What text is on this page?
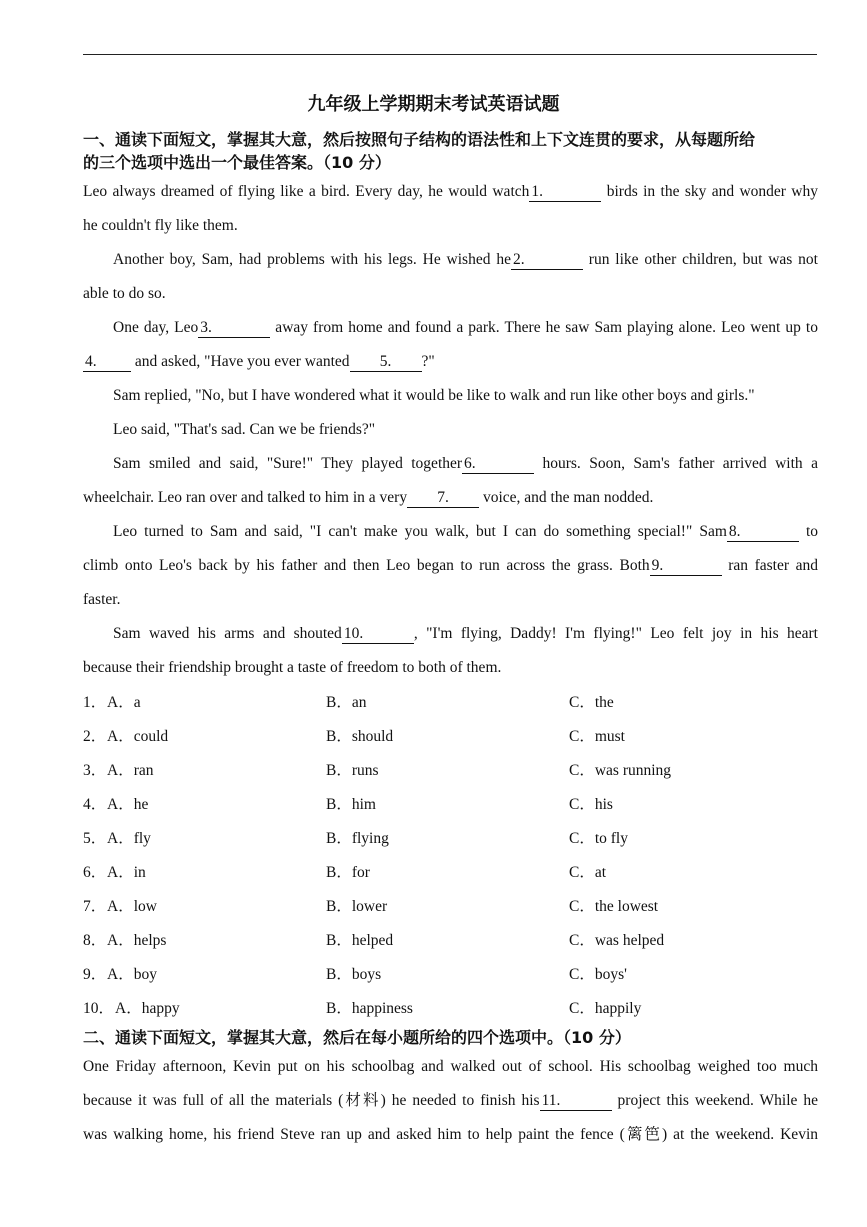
九年级上学期期末考试英语试题
一、通读下面短文，掌握其大意，然后按照句子结构的语法性和上下文连贯的要求，从每题所给
的三个选项中选出一个最佳答案。（10 分）
Leo always dreamed of flying like a bird. Every day, he would watch 1.	birds in the sky and wonder why
he couldn't fly like them.
Another boy, Sam, had problems with his legs. He wished he 2.	run like other children, but was not
able to do so.
One day, Leo 3.	away from home and found a park. There he saw Sam playing alone. Leo went up to
4. and asked, "Have you ever wanted 5. ?"
Sam replied, "No, but I have wondered what it would be like to walk and run like other boys and girls."
Leo said, "That's sad. Can we be friends?"
Sam smiled and said, "Sure!" They played together 6.	hours. Soon, Sam's father arrived with a
wheelchair. Leo ran over and talked to him in a very 7. voice, and the man nodded.
Leo turned to Sam and said, "I can't make you walk, but I can do something special!" Sam 8.	to
climb onto Leo's back by his father and then Leo began to run across the grass. Both 9.	ran faster and
faster.
Sam waved his arms and shouted 10.	, "I'm flying, Daddy! I'm flying!" Leo felt joy in his heart
because their friendship brought a taste of freedom to both of them.
1． A．a	B．an	C．the
2． A．could	B．should	C．must
3． A．ran	B．runs	C．was running
4． A．he	B．him	C．his
5． A．fly	B．flying	C．to fly
6． A．in	B．for	C．at
7． A．low	B．lower	C．the lowest
8． A．helps	B．helped	C．was helped
9． A．boy	B．boys	C．boys'
10． A．happy	B．happiness	C．happily
二、通读下面短文，掌握其大意，然后在每小题所给的四个选项中。（10 分）
One Friday afternoon, Kevin put on his schoolbag and walked out of school. His schoolbag weighed too much
because it was full of all the materials (材料) he needed to finish his 11.	project this weekend. While he
was walking home, his friend Steve ran up and asked him to help paint the fence (篱笆) at the weekend. Kevin
